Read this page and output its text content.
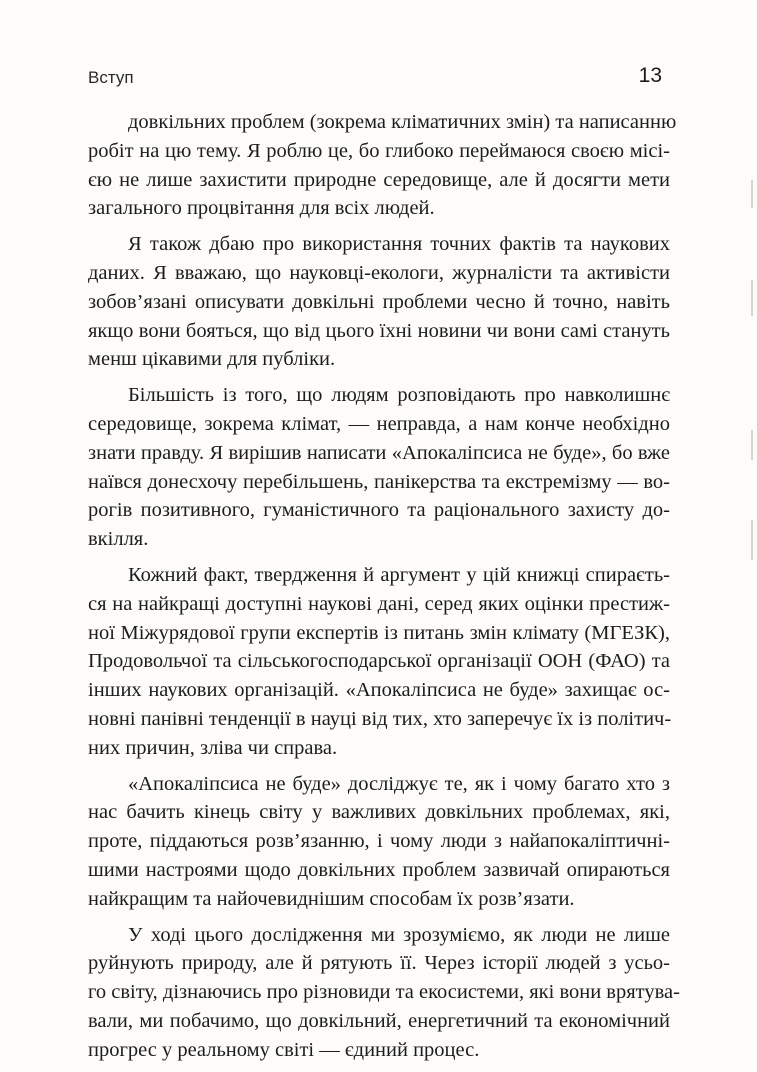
Вступ	13
довкільних проблем (зокрема кліматичних змін) та написанню
робіт на цю тему. Я роблю це, бо глибоко переймаюся своєю місі-
єю не лише захистити природне середовище, але й досягти мети
загального процвітання для всіх людей.
Я також дбаю про використання точних фактів та наукових
даних. Я вважаю, що науковці-екологи, журналісти та активісти
зобов’язані описувати довкільні проблеми чесно й точно, навіть
якщо вони бояться, що від цього їхні новини чи вони самі стануть
менш цікавими для публіки.
Більшість із того, що людям розповідають про навколишнє
середовище, зокрема клімат, — неправда, а нам конче необхідно
знати правду. Я вирішив написати «Апокаліпсиса не буде», бо вже
наївся донесхочу перебільшень, панікерства та екстремізму — во-
рогів позитивного, гуманістичного та раціонального захисту до-
вкілля.
Кожний факт, твердження й аргумент у цій книжці спираєть-
ся на найкращі доступні наукові дані, серед яких оцінки престиж-
ної Міжурядової групи експертів із питань змін клімату (МГЕЗК),
Продовольчої та сільськогосподарської організації ООН (ФАО) та
інших наукових організацій. «Апокаліпсиса не буде» захищає ос-
новні панівні тенденції в науці від тих, хто заперечує їх із політич-
них причин, зліва чи справа.
«Апокаліпсиса не буде» досліджує те, як і чому багато хто з
нас бачить кінець світу у важливих довкільних проблемах, які,
проте, піддаються розв’язанню, і чому люди з найапокаліптичні-
шими настроями щодо довкільних проблем зазвичай опираються
найкращим та найочевиднішим способам їх розв’язати.
У ході цього дослідження ми зрозуміємо, як люди не лише
руйнують природу, але й рятують її. Через історії людей з усьо-
го світу, дізнаючись про різновиди та екосистеми, які вони врятува-
вали, ми побачимо, що довкільний, енергетичний та економічний
прогрес у реальному світі — єдиний процес.
